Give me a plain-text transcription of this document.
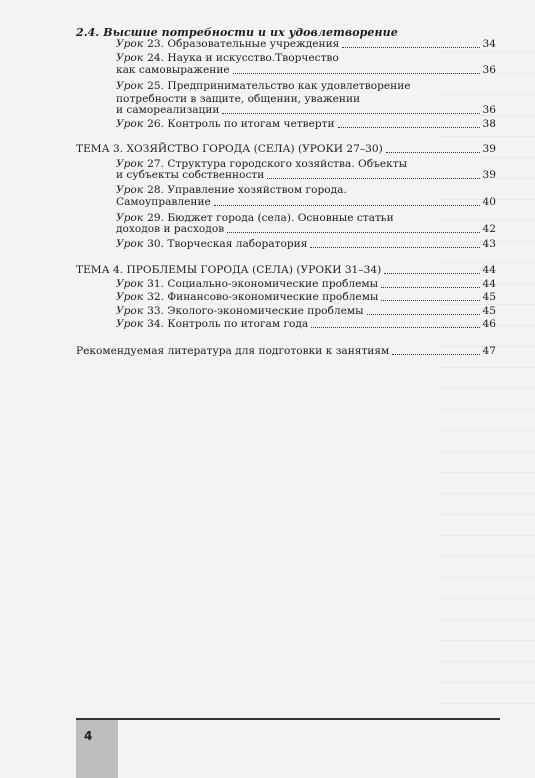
2.4. Высшие потребности и их удовлетворение
Урок 23. Образовательные учреждения	34
Урок 24. Наука и искусство.Творчество
как самовыражение	36
Урок 25. Предпринимательство как удовлетворение
потребности в защите, общении, уважении
и самореализации	36
Урок 26. Контроль по итогам четверти	38
ТЕМА 3. ХОЗЯЙСТВО ГОРОДА (СЕЛА) (УРОКИ 27–30)	39
Урок 27. Структура городского хозяйства. Объекты
и субъекты собственности	39
Урок 28. Управление хозяйством города.
Самоуправление	40
Урок 29. Бюджет города (села). Основные статьи
доходов и расходов	42
Урок 30. Творческая лаборатория	43
ТЕМА 4. ПРОБЛЕМЫ ГОРОДА (СЕЛА) (УРОКИ 31–34)	44
Урок 31. Социально-экономические проблемы	44
Урок 32. Финансово-экономические проблемы	45
Урок 33. Эколого-экономические проблемы	45
Урок 34. Контроль по итогам года	46
Рекомендуемая литература для подготовки к занятиям	47
4
